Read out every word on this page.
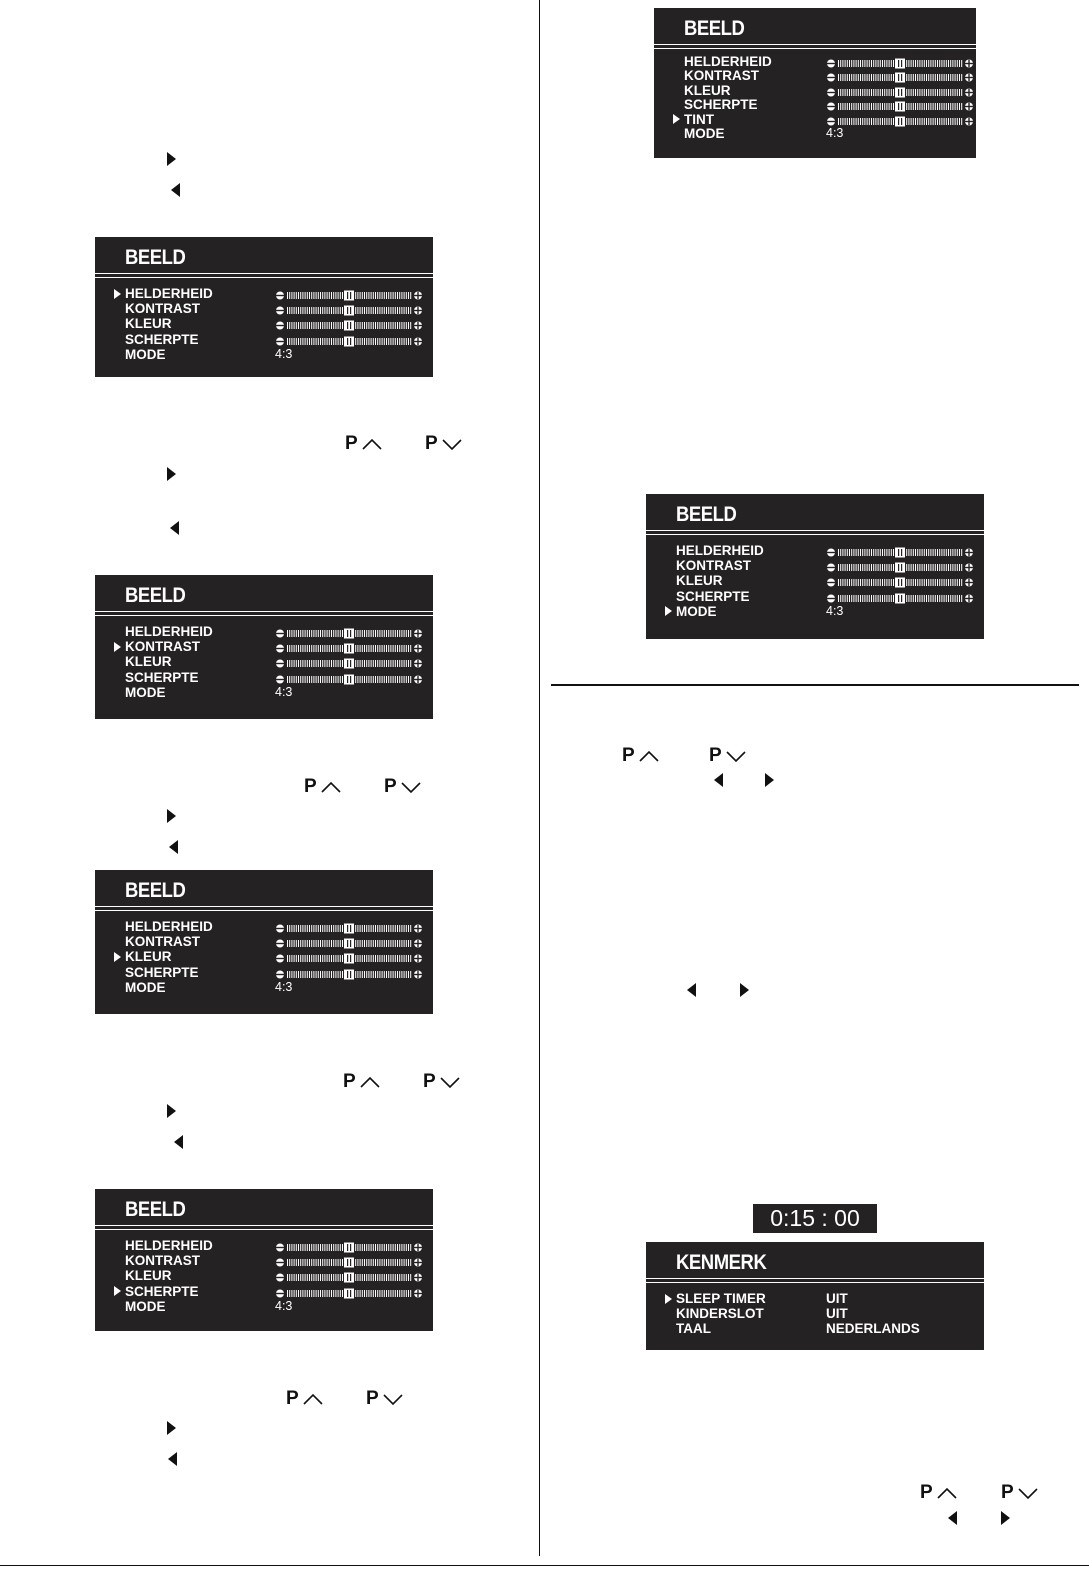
BEELD
HELDERHEID
KONTRAST
KLEUR
SCHERPTE
MODE	4:3
P	P
BEELD
HELDERHEID
KONTRAST
KLEUR
SCHERPTE
MODE	4:3
P	P
BEELD
HELDERHEID
KONTRAST
KLEUR
SCHERPTE
MODE	4:3
P	P
BEELD
HELDERHEID
KONTRAST
KLEUR
SCHERPTE
MODE	4:3
P	P
BEELD
HELDERHEID
KONTRAST
KLEUR
SCHERPTE
TINT
MODE	4:3
BEELD
HELDERHEID
KONTRAST
KLEUR
SCHERPTE
MODE	4:3
P	P
0:15 : 00
KENMERK
SLEEP TIMER	UIT
KINDERSLOT	UIT
TAAL	NEDERLANDS
P	P
